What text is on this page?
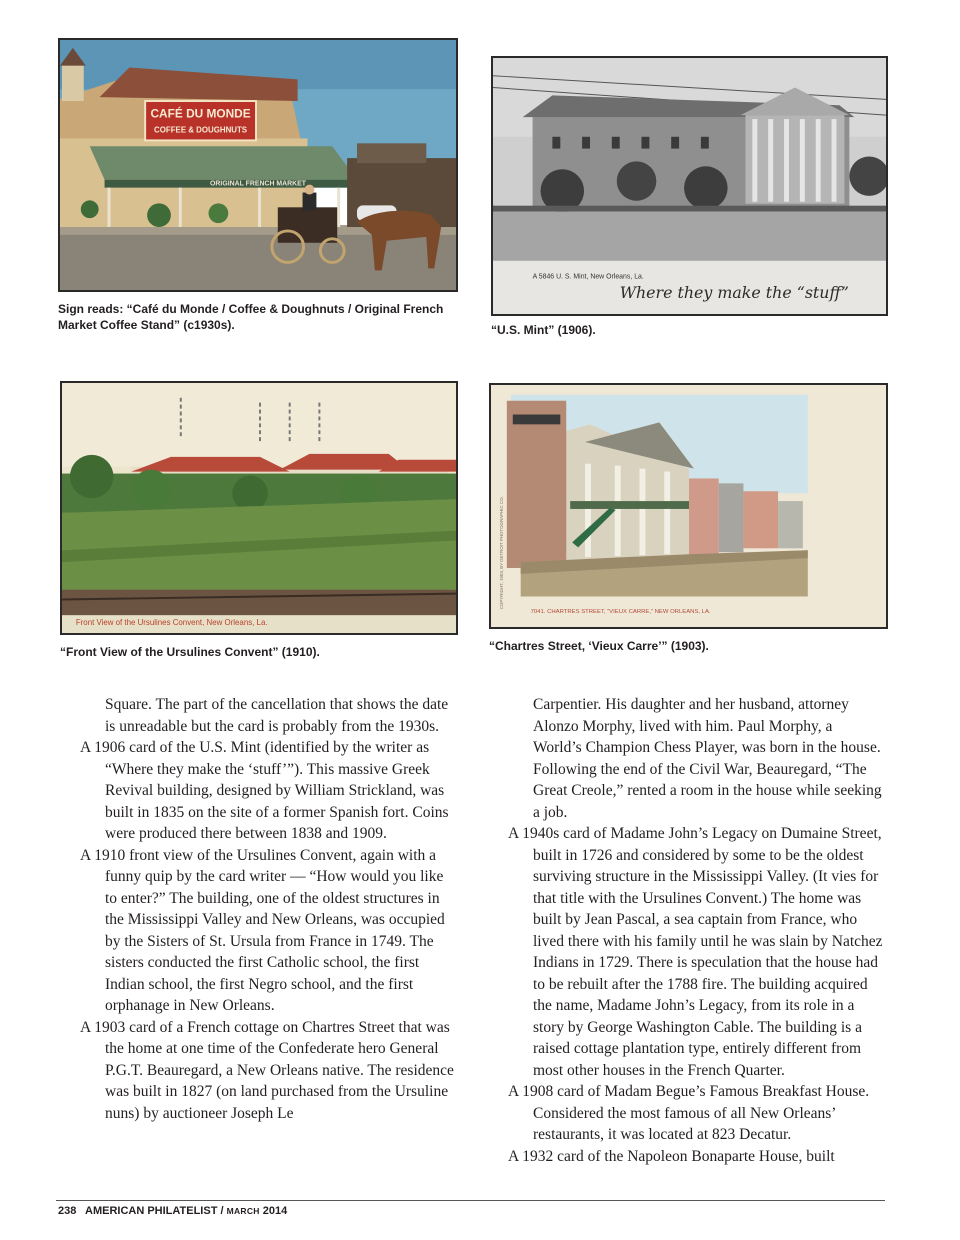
CAFÉ DU MONDE
COFFEE & DOUGHNUTS
ORIGINAL FRENCH MARKET
Sign reads: “Café du Monde / Coffee & Doughnuts / Original French Market Coffee Stand” (c1930s).
A 5846 U. S. Mint, New Orleans, La.
Where they make the “stuff”
“U.S. Mint” (1906).
Front View of the Ursulines Convent, New Orleans, La.
“Front View of the Ursulines Convent” (1910).
COPYRIGHT, 1903, BY DETROIT PHOTOGRAPHIC CO.
7041. CHARTRES STREET, “VIEUX CARRE,” NEW ORLEANS, LA.
“Chartres Street, ‘Vieux Carre’” (1903).

Square. The part of the cancellation that shows the date is unreadable but the card is probably from the 1930s.

A 1906 card of the U.S. Mint (identified by the writer as “Where they make the ‘stuff’”). This massive Greek Revival building, designed by William Strickland, was built in 1835 on the site of a former Spanish fort. Coins were produced there between 1838 and 1909.

A 1910 front view of the Ursulines Convent, again with a funny quip by the card writer — “How would you like to enter?” The building, one of the oldest structures in the Mississippi Valley and New Orleans, was occupied by the Sisters of St. Ursula from France in 1749. The sisters conducted the first Catholic school, the first Indian school, the first Negro school, and the first orphanage in New Orleans.

A 1903 card of a French cottage on Chartres Street that was the home at one time of the Confederate hero General P.G.T. Beauregard, a New Orleans native. The residence was built in 1827 (on land purchased from the Ursuline nuns) by auctioneer Joseph Le

Carpentier. His daughter and her husband, attorney Alonzo Morphy, lived with him. Paul Morphy, a World’s Champion Chess Player, was born in the house. Following the end of the Civil War, Beauregard, “The Great Creole,” rented a room in the house while seeking a job.

A 1940s card of Madame John’s Legacy on Dumaine Street, built in 1726 and considered by some to be the oldest surviving structure in the Mississippi Valley. (It vies for that title with the Ursulines Convent.) The home was built by Jean Pascal, a sea captain from France, who lived there with his family until he was slain by Natchez Indians in 1729. There is speculation that the house had to be rebuilt after the 1788 fire. The building acquired the name, Madame John’s Legacy, from its role in a story by George Washington Cable. The building is a raised cottage plantation type, entirely different from most other houses in the French Quarter.

A 1908 card of Madam Begue’s Famous Breakfast House. Considered the most famous of all New Orleans’ restaurants, it was located at 823 Decatur.

A 1932 card of the Napoleon Bonaparte House, built

238 AMERICAN PHILATELIST / MARCH 2014
